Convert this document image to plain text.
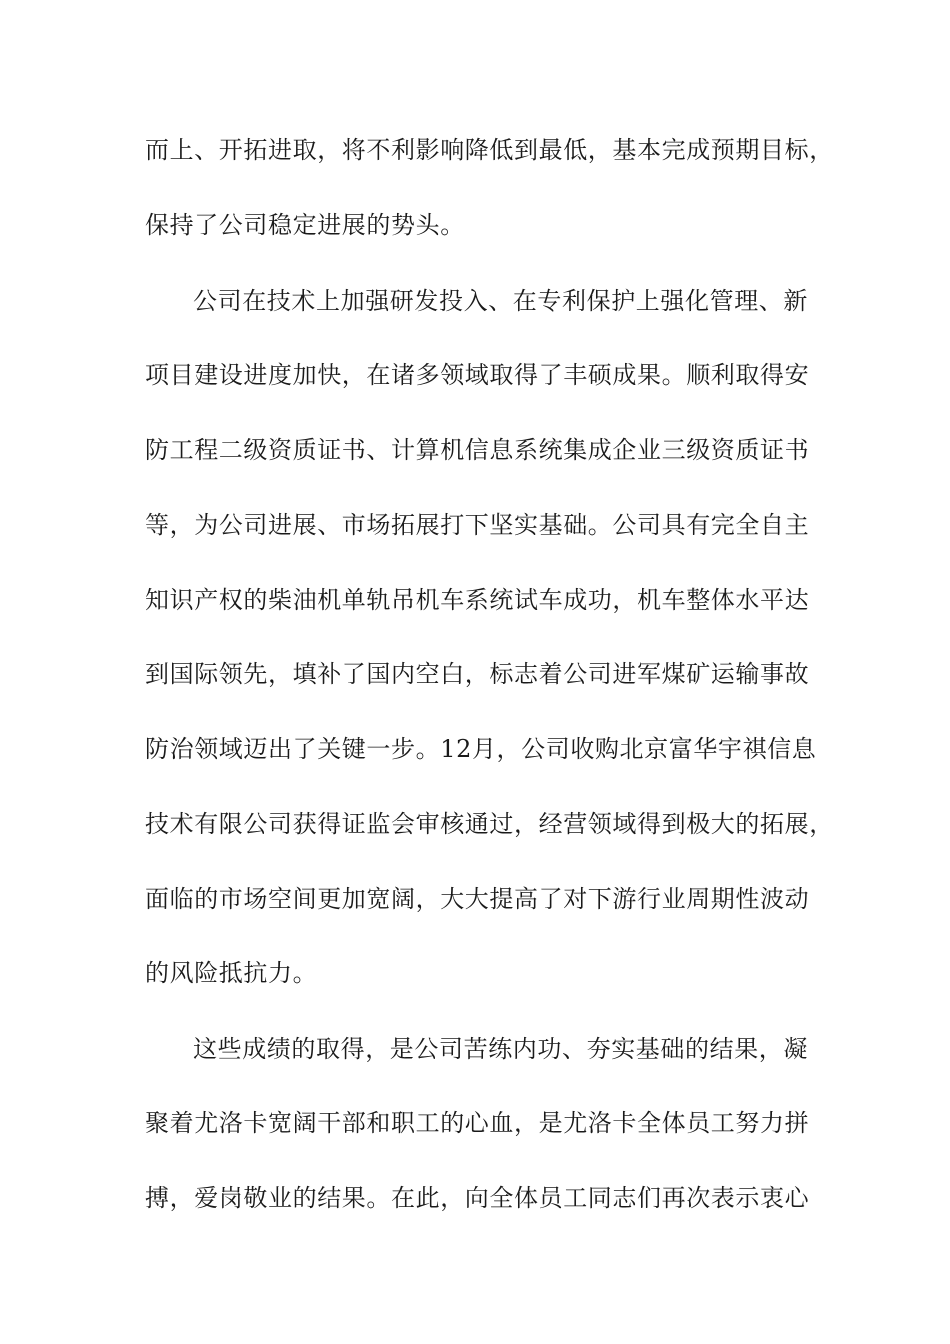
而上、开拓进取，将不利影响降低到最低，基本完成预期目标，
保持了公司稳定进展的势头。
公司在技术上加强研发投入、在专利保护上强化管理、新
项目建设进度加快，在诸多领域取得了丰硕成果。顺利取得安
防工程二级资质证书、计算机信息系统集成企业三级资质证书
等，为公司进展、市场拓展打下坚实基础。公司具有完全自主
知识产权的柴油机单轨吊机车系统试车成功，机车整体水平达
到国际领先，填补了国内空白，标志着公司进军煤矿运输事故
防治领域迈出了关键一步。12月，公司收购北京富华宇祺信息
技术有限公司获得证监会审核通过，经营领域得到极大的拓展，
面临的市场空间更加宽阔，大大提高了对下游行业周期性波动
的风险抵抗力。
这些成绩的取得，是公司苦练内功、夯实基础的结果，凝
聚着尤洛卡宽阔干部和职工的心血，是尤洛卡全体员工努力拼
搏，爱岗敬业的结果。在此，向全体员工同志们再次表示衷心
